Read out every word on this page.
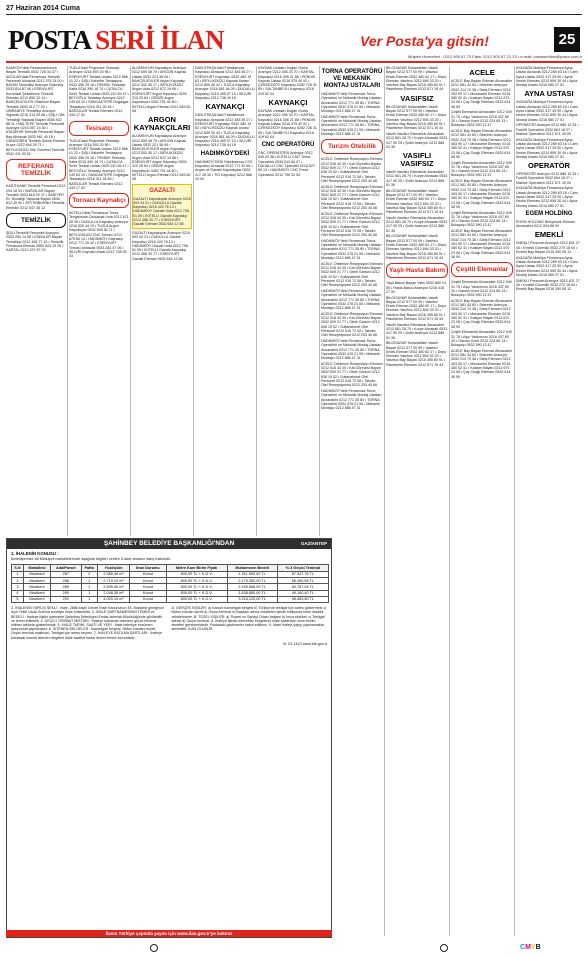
27 Haziran 2014 Cuma
POSTA SERİ İLAN	Ver Posta'ya gitsin!	25
Müşteri Hizmetleri : 0212 505 67 73 Faks: 0212 505 67 21-23 • e-mail: postaseriilan@posta.com.tr

KADIKÖY'deki Restaurantımıza Bayan Temizlik 0532 728 34 37 • AVCILAR'daki Firmamıza Temizlik Personeli Alınacak 0212 576 24 00 • BAYAN Temizlikçi Aranıyor Bakırköy 0533 814 67 06 • ESENYURT Kurumsal Şirketimize Temizlik Elemanı 0212 850 32 14 • BAHÇELİEVLER Ofisimize Bayan Temizlik 0530 412 77 20 • ÜMRANİYE Temizlikçi Aranıyor Sigortalı 0216 314 09 66 • ŞİŞLİ Ofis Temizliği Yapacak Bayan 0536 402 88 11 • MALTEPE Temizlik Personeli Aranıyor 0216 457 23 30 • ATAŞEHİR Temizlik Personeli Bayan Bay Alınacak 0533 961 40 18 • GÜNGÖREN Temizlik Şirketi Eleman Arıyor 0212 644 28 71 • BEYLİKDÜZÜ Site Yönetimi Temizlik 0532 411 90 52

REFERANS TEMİZLİK

KAĞITHANE Temizlik Personeli 0212 294 18 33 • BAĞCILAR Bayan Temizlik 0533 618 20 47 • SARIYER Ev Temizliği Yapacak Bayan 0536 812 45 90 • ZEYTİNBURNU Temizlik Elemanı 0212 547 36 12

TEMİZLİK

ŞİŞLİ Temizlik Personeli Aranıyor 0532 260 14 58 • ESENLER Bayan Temizlikçi 0212 438 77 19 • Temizlik Firmasına Eleman 0569 524 10 25 • KARTAL 0212 297 87 03

TUZLA'daki Projemize Tesisatçı Aranıyor 0216 593 20 95 • ESENYURT Tesisat Ustası 0212 886 41 22 • ŞİŞLİ Kalorifer Tesisatçısı 0532 456 29 18 • PENDİK Tesisatçı Kalfa 0216 390 18 74 • ÇATALCA Sıhhi Tesisat Ustası 0533 210 55 47 • BEYOĞLU Tesisatçı Aranıyor 0212 249 63 10 • SANCAKTEPE Doğalgaz Tesisatçısı 0216 311 28 46 • BAĞCILAR Tesisat Elemanı 0212 434 17 52

Tesisatçı

TUZLA'daki Projemize Tesisatçı Aranıyor 0216 593 20 95 • ESENYURT Tesisat Ustası 0212 886 41 22 • ŞİŞLİ Kalorifer Tesisatçısı 0532 456 29 18 • PENDİK Tesisatçı Kalfa 0216 390 18 74 • ÇATALCA Sıhhi Tesisat Ustası 0533 210 55 47 • BEYOĞLU Tesisatçı Aranıyor 0212 249 63 10 • SANCAKTEPE Doğalgaz Tesisatçısı 0216 311 28 46 • BAĞCILAR Tesisat Elemanı 0212 434 17 52

Tornacı Kaynakçı

İKİTELLİ'deki Firmamıza Torna Tezgahında Çalışacak Usta 0212 671 28 35 • DUDULLU Kaynakçı Aranıyor 0216 526 44 19 • TUZLA Argon Kaynakçısı 0532 508 36 71 • BEYLİKDÜZÜ CNC Tornacı 0212 875 60 14 • HADIMKÖY Kaynakçı 0212 771 39 42 • ESENYURT Tornacı Alınacak 0533 281 47 06 • SİLİVRİ Kaynak Ustası 0212 728 05 33

ALÜMİNYUM Kaynakçısı Aranıyor 0212 659 48 70 • ARGON Kaynak Ustası 0532 221 36 94 • BAHÇELİEVLER Argon Kaynakçı 0212 552 30 17 • BEYLİKDÜZÜ Argon Usta 0212 872 19 66 • ESENYURT Argon Kaynakçı 0533 310 25 84 • GEBZE Argon Kaynakçısı 0262 751 44 80 • İKİTELLİ Argon Eleman 0212 549 62 08

ARGON KAYNAKÇILARI

ALÜMİNYUM Kaynakçısı Aranıyor 0212 659 48 70 • ARGON Kaynak Ustası 0532 221 36 94 • BAHÇELİEVLER Argon Kaynakçı 0212 552 30 17 • BEYLİKDÜZÜ Argon Usta 0212 872 19 66 • ESENYURT Argon Kaynakçı 0533 310 25 84 • GEBZE Argon Kaynakçısı 0262 751 44 80 • İKİTELLİ Argon Eleman 0212 549 62 08

GAZALTI

GAZALTI Kaynakçılar Aranıyor 0216 593 44 21 • DUDULLU Gazaltı Kaynakçı 0216 420 76 13 • HADIMKÖY Gazaltı Usta 0212 798 51 09 • İKİTELLİ Gazaltı Kaynakçı 0212 486 30 77 • ESENYURT Gazaltı Eleman 0532 644 12 58

GAZALTI Kaynakçılar Aranıyor 0216 593 44 21 • DUDULLU Gazaltı Kaynakçı 0216 420 76 13 • HADIMKÖY Gazaltı Usta 0212 798 51 09 • İKİTELLİ Gazaltı Kaynakçı 0212 486 30 77 • ESENYURT Gazaltı Eleman 0532 644 12 58

DAVUTPAŞA'daki Fabrikamıza Kaynakçı Alınacak 0212 483 55 27 • ESENYURT Kaynakçı 0532 480 19 63 • BEYLİKDÜZÜ Kaynak Ustası 0212 855 30 42 • TUZLA Kaynakçı Aranıyor 0216 581 46 29 • DUDULLU Kaynakçı 0216 499 07 13 • SİLİVRİ Kaynakçı 0212 736 44 18

KAYNAKÇI

DAVUTPAŞA'daki Fabrikamıza Kaynakçı Alınacak 0212 483 55 27 • ESENYURT Kaynakçı 0532 480 19 63 • BEYLİKDÜZÜ Kaynak Ustası 0212 855 30 42 • TUZLA Kaynakçı Aranıyor 0216 581 46 29 • DUDULLU Kaynakçı 0216 499 07 13 • SİLİVRİ Kaynakçı 0212 736 44 18

HADIMKÖY'DEKİ

HADIMKÖY'DEKİ Fabrikamıza CO2 Kaynakçı Alınacak 0212 771 40 65 • Argon ve Gazaltı Kaynakçılar 0532 417 28 30 • TIG Kaynakçı 0212 886 19 54

KAYNAK Ustaları Doğan Grubu Aranıyor 0212 456 33 70 • KARTAL Kaynakçı 0216 306 21 88 • PENDİK Kaynak Ustası 0216 375 40 92 • ÇERKEZKÖY Kaynakçı 0282 726 31 55 • SULTANBEYLİ Kaynakçı 0216 419 62 04

KAYNAKÇI

KAYNAK Ustaları Doğan Grubu Aranıyor 0212 456 33 70 • KARTAL Kaynakçı 0216 306 21 88 • PENDİK Kaynak Ustası 0216 375 40 92 • ÇERKEZKÖY Kaynakçı 0282 726 31 55 • SULTANBEYLİ Kaynakçı 0216 419 62 04

CNC OPERATÖRÜ

CNC OPERATÖRÜ Aranıyor 0212 549 20 38 • İKİTELLİ CNC Torna Operatörü 0533 612 84 07 • DUDULLU CNC Operatör 0216 527 69 13 • HADIMKÖY CNC Freze Operatörü 0212 798 32 54

TORNA OPERATÖRÜ VE MEKANİK MONTAJ USTALARI

HADIMKÖY'deki Firmamıza Torna Operatörü ve Mekanik Montaj Ustaları Alınacaktır 0212 771 35 80 • TORNA Operatörü 0532 478 21 06 • Mekanik Montajcı 0212 886 47 31

HADIMKÖY'deki Firmamıza Torna Operatörü ve Mekanik Montaj Ustaları Alınacaktır 0212 771 35 80 • TORNA Operatörü 0532 478 21 06 • Mekanik Montajcı 0212 886 47 31

Turizm Otelcilik

ACELE Otelimize Resepsiyon Elemanı 0212 518 44 30 • Kat Görevlisi Bayan 0532 609 21 77 • Otele Garson 0212 638 19 52 • Sultanahmet Otel Personel 0212 516 72 08 • Taksim Otel Resepsiyonist 0212 253 40 66

ACELE Otelimize Resepsiyon Elemanı 0212 518 44 30 • Kat Görevlisi Bayan 0532 609 21 77 • Otele Garson 0212 638 19 52 • Sultanahmet Otel Personel 0212 516 72 08 • Taksim Otel Resepsiyonist 0212 253 40 66

ACELE Otelimize Resepsiyon Elemanı 0212 518 44 30 • Kat Görevlisi Bayan 0532 609 21 77 • Otele Garson 0212 638 19 52 • Sultanahmet Otel Personel 0212 516 72 08 • Taksim Otel Resepsiyonist 0212 253 40 66

HADIMKÖY'deki Firmamıza Torna Operatörü ve Mekanik Montaj Ustaları Alınacaktır 0212 771 35 80 • TORNA Operatörü 0532 478 21 06 • Mekanik Montajcı 0212 886 47 31

ACELE Otelimize Resepsiyon Elemanı 0212 518 44 30 • Kat Görevlisi Bayan 0532 609 21 77 • Otele Garson 0212 638 19 52 • Sultanahmet Otel Personel 0212 516 72 08 • Taksim Otel Resepsiyonist 0212 253 40 66

HADIMKÖY'deki Firmamıza Torna Operatörü ve Mekanik Montaj Ustaları Alınacaktır 0212 771 35 80 • TORNA Operatörü 0532 478 21 06 • Mekanik Montajcı 0212 886 47 31

ACELE Otelimize Resepsiyon Elemanı 0212 518 44 30 • Kat Görevlisi Bayan 0532 609 21 77 • Otele Garson 0212 638 19 52 • Sultanahmet Otel Personel 0212 516 72 08 • Taksim Otel Resepsiyonist 0212 253 40 66

HADIMKÖY'deki Firmamıza Torna Operatörü ve Mekanik Montaj Ustaları Alınacaktır 0212 771 35 80 • TORNA Operatörü 0532 478 21 06 • Mekanik Montajcı 0212 886 47 31

ACELE Otelimize Resepsiyon Elemanı 0212 518 44 30 • Kat Görevlisi Bayan 0532 609 21 77 • Otele Garson 0212 638 19 52 • Sultanahmet Otel Personel 0212 516 72 08 • Taksim Otel Resepsiyonist 0212 253 40 66

HADIMKÖY'deki Firmamıza Torna Operatörü ve Mekanik Montaj Ustaları Alınacaktır 0212 771 35 80 • TORNA Operatörü 0532 478 21 06 • Mekanik Montajcı 0212 886 47 31

BİLGİSAYAR Kullanabilen Vasıflı Bayan 0212 577 00 99 • Vasıfsız Erkek Eleman 0532 480 62 17 • Depo Elemanı Vasıfsız 0212 694 33 20 • Vasıfsız Bay Bayan 0216 455 80 91 • Paketleme Elemanı 0212 671 19 44

VASIFSIZ

BİLGİSAYAR Kullanabilen Vasıflı Bayan 0212 577 00 99 • Vasıfsız Erkek Eleman 0532 480 62 17 • Depo Elemanı Vasıfsız 0212 694 33 20 • Vasıfsız Bay Bayan 0216 455 80 91 • Paketleme Elemanı 0212 671 19 44

Vasıflı Vasıfsız Elemanlar Alınacaktır 0212 651 28 70 • Kurye Alınacak 0533 417 90 25 • Şoför Aranıyor 0212 886 51 36

VASIFLI VASIFSIZ

Vasıflı Vasıfsız Elemanlar Alınacaktır 0212 651 28 70 • Kurye Alınacak 0533 417 90 25 • Şoför Aranıyor 0212 886 51 36

BİLGİSAYAR Kullanabilen Vasıflı Bayan 0212 577 00 99 • Vasıfsız Erkek Eleman 0532 480 62 17 • Depo Elemanı Vasıfsız 0212 694 33 20 • Vasıfsız Bay Bayan 0216 455 80 91 • Paketleme Elemanı 0212 671 19 44

Vasıflı Vasıfsız Elemanlar Alınacaktır 0212 651 28 70 • Kurye Alınacak 0533 417 90 25 • Şoför Aranıyor 0212 886 51 36

BİLGİSAYAR Kullanabilen Vasıflı Bayan 0212 577 00 99 • Vasıfsız Erkek Eleman 0532 480 62 17 • Depo Elemanı Vasıfsız 0212 694 33 20 • Vasıfsız Bay Bayan 0216 455 80 91 • Paketleme Elemanı 0212 671 19 44

Yaşlı-Hasta Bakım

Yaşlı Bakım Bayan Yatılı 0532 680 14 55 • Hasta Bakıcı Aranıyor 0216 418 27 90

BİLGİSAYAR Kullanabilen Vasıflı Bayan 0212 577 00 99 • Vasıfsız Erkek Eleman 0532 480 62 17 • Depo Elemanı Vasıfsız 0212 694 33 20 • Vasıfsız Bay Bayan 0216 455 80 91 • Paketleme Elemanı 0212 671 19 44

Vasıflı Vasıfsız Elemanlar Alınacaktır 0212 651 28 70 • Kurye Alınacak 0533 417 90 25 • Şoför Aranıyor 0212 886 51 36

BİLGİSAYAR Kullanabilen Vasıflı Bayan 0212 577 00 99 • Vasıfsız Erkek Eleman 0532 480 62 17 • Depo Elemanı Vasıfsız 0212 694 33 20 • Vasıfsız Bay Bayan 0216 455 80 91 • Paketleme Elemanı 0212 671 19 44

ACELE

ACELE Bay Bayan Eleman Alınacaktır 0212 581 44 60 • Sekreter Aranıyor 0532 214 70 38 • Satış Elemanı 0212 453 90 17 • Muhasebe Elemanı 0216 380 52 41 • Kasiyer Bayan 0212 670 23 08 • Çay Ocağı Elemanı 0533 614 48 90

Çeşitli Elemanlar Alınacaktır 0212 549 31 76 • Aşçı Yardımcısı 0216 437 80 25 • Garson Komi 0212 224 65 13 • Bulaşıkçı 0532 590 12 47

ACELE Bay Bayan Eleman Alınacaktır 0212 581 44 60 • Sekreter Aranıyor 0532 214 70 38 • Satış Elemanı 0212 453 90 17 • Muhasebe Elemanı 0216 380 52 41 • Kasiyer Bayan 0212 670 23 08 • Çay Ocağı Elemanı 0533 614 48 90

Çeşitli Elemanlar Alınacaktır 0212 549 31 76 • Aşçı Yardımcısı 0216 437 80 25 • Garson Komi 0212 224 65 13 • Bulaşıkçı 0532 590 12 47

ACELE Bay Bayan Eleman Alınacaktır 0212 581 44 60 • Sekreter Aranıyor 0532 214 70 38 • Satış Elemanı 0212 453 90 17 • Muhasebe Elemanı 0216 380 52 41 • Kasiyer Bayan 0212 670 23 08 • Çay Ocağı Elemanı 0533 614 48 90

Çeşitli Elemanlar Alınacaktır 0212 549 31 76 • Aşçı Yardımcısı 0216 437 80 25 • Garson Komi 0212 224 65 13 • Bulaşıkçı 0532 590 12 47

ACELE Bay Bayan Eleman Alınacaktır 0212 581 44 60 • Sekreter Aranıyor 0532 214 70 38 • Satış Elemanı 0212 453 90 17 • Muhasebe Elemanı 0216 380 52 41 • Kasiyer Bayan 0212 670 23 08 • Çay Ocağı Elemanı 0533 614 48 90

Çeşitli Elemanlar

Çeşitli Elemanlar Alınacaktır 0212 549 31 76 • Aşçı Yardımcısı 0216 437 80 25 • Garson Komi 0212 224 65 13 • Bulaşıkçı 0532 590 12 47

ACELE Bay Bayan Eleman Alınacaktır 0212 581 44 60 • Sekreter Aranıyor 0532 214 70 38 • Satış Elemanı 0212 453 90 17 • Muhasebe Elemanı 0216 380 52 41 • Kasiyer Bayan 0212 670 23 08 • Çay Ocağı Elemanı 0533 614 48 90

Çeşitli Elemanlar Alınacaktır 0212 549 31 76 • Aşçı Yardımcısı 0216 437 80 25 • Garson Komi 0212 224 65 13 • Bulaşıkçı 0532 590 12 47

ACELE Bay Bayan Eleman Alınacaktır 0212 581 44 60 • Sekreter Aranıyor 0532 214 70 38 • Satış Elemanı 0212 453 90 17 • Muhasebe Elemanı 0216 380 52 41 • Kasiyer Bayan 0212 670 23 08 • Çay Ocağı Elemanı 0533 614 48 90

AYAZAĞA Mobilya Firmamıza Ayna Ustası Alınacak 0212 289 63 18 • Cam Ayna Ustası 0532 417 25 90 • Ayna Kesim Elemanı 0212 659 30 44 • Ayna Montaj Ustası 0216 580 27 51

AYNA USTASI

AYAZAĞA Mobilya Firmamıza Ayna Ustası Alınacak 0212 289 63 18 • Cam Ayna Ustası 0532 417 25 90 • Ayna Kesim Elemanı 0212 659 30 44 • Ayna Montaj Ustası 0216 580 27 51

OPERATÖR Aranıyor 0212 886 10 33 • Forklift Operatörü 0532 604 18 27 • Makine Operatörü 0212 671 49 05

AYAZAĞA Mobilya Firmamıza Ayna Ustası Alınacak 0212 289 63 18 • Cam Ayna Ustası 0532 417 25 90 • Ayna Kesim Elemanı 0212 659 30 44 • Ayna Montaj Ustası 0216 580 27 51

OPERATÖR

OPERATÖR Aranıyor 0212 886 10 33 • Forklift Operatörü 0532 604 18 27 • Makine Operatörü 0212 671 49 05

AYAZAĞA Mobilya Firmamıza Ayna Ustası Alınacak 0212 289 63 18 • Cam Ayna Ustası 0532 417 25 90 • Ayna Kesim Elemanı 0212 659 30 44 • Ayna Montaj Ustası 0216 580 27 51

EGEM HOLDİNG

EGEM HOLDİNG Bünyesine Eleman Alınacaktır 0212 504 88 00

EMEKLİ

EMEKLİ Personel Aranıyor 0212 631 27 40 • Emekli Güvenlik 0532 270 18 64 • Emekli Bay Bayan 0216 390 55 12

AYAZAĞA Mobilya Firmamıza Ayna Ustası Alınacak 0212 289 63 18 • Cam Ayna Ustası 0532 417 25 90 • Ayna Kesim Elemanı 0212 659 30 44 • Ayna Montaj Ustası 0216 580 27 51

EMEKLİ Personel Aranıyor 0212 631 27 40 • Emekli Güvenlik 0532 270 18 64 • Emekli Bay Bayan 0216 390 55 12

ŞAHİNBEY BELEDİYE BAŞKANLIĞI'NDAN	GAZİANTEP
1. İHALENİN KONUSU :
Belediyemize ait Mülkiyeti mahallelerinde aşağıda bilgileri verilen 5 adet arsanın satış ihalesidir.
S.N	Mahallesi	Ada/Parsel	Pafta	Yüzölçüm	İmar Durumu	Metre Kare Birim Fiyatı	Muhammen Bedeli	% 3 Geçici Teminat
1	Mavikent	287	2	2.389,49 m²	Konut	800,00 TL + K.D.V.	1.911.592,00 TL	57.347,76 TL
2	Mavikent	288	1	2.719,19 m²	Konut	800,00 TL + K.D.V.	2.175.352,00 TL	65.260,56 TL
3	Mavikent	289	1	2.699,46 m²	Konut	800,00 TL + K.D.V.	2.159.568,00 TL	64.787,04 TL
4	Mavikent	290	1	2.048,35 m²	Konut	800,00 TL + K.D.V.	1.638.680,00 TL	49.160,40 TL
5	Mavikent	291	1	4.020,15 m²	Konut	800,00 TL + K.D.V.	3.216.120,00 TL	96.483,60 TL
2. İHALENİN YAPILIŞ ŞEKLİ : İhale, 2886 sayılı Devlet İhale Kanununun 45. Maddesi gereğince Açık Teklif Usulü Artırma suretiyle ihale edilecektir. 3. İHALE ŞARTNAMESİNİN TEMİNİ ve BEDELİ : İhaleye ilişkin şartname Şahinbey Belediyesi Emlak İstimlak Müdürlüğünde görülebilir ve temin edilebilir. 4. GEÇİCİ TEMİNAT MİKTARI : İhaleye katılacak olanların geçici teminat miktarı tabloda gösterilmiştir. 5. İHALE TARİHİ, SAATİ VE YERİ : İhale belediye encümen salonunda yapılacaktır. 6. İSTENEN BELGELER : İkametgah belgesi, Nüfus cüzdanı sureti, Geçici teminat makbuzu, Tebligat için adres beyanı. 7. İHALEYE KATILMA ŞARTLARI : İhaleye katılacak olanlar istenen belgeleri ihale saatine kadar teslim etmek zorundadır.
A. GERÇEK KİŞİLER: a) Kanuni ikametgah belgesi b) Türkiye'de tebligat için adres göstermesi c) Nüfus cüzdan sureti d) Geçici teminat e) Başkası adına vekaleten iştirak ediliyorsa noter tasdikli vekaletname. B. TÜZEL KİŞİLER: a) Ticaret ve Sanayi Odası belgesi b) İmza sirküleri c) Tebligat adresi d) Geçici teminat. 8. İhaleye iştirak edecekler belgelerini ihale saatinden önce teslim etmeleri gerekmektedir. Postadaki gecikmeler kabul edilmez. 9. İdare ihaleyi yapıp yapmamakta serbesttir. İLAN OLUNUR.
B: 03 1410 www.bik.gov.tr
İlanın Türkiye çapında yayını için www.ilan.gov.tr'ye bakınız
CMYB
